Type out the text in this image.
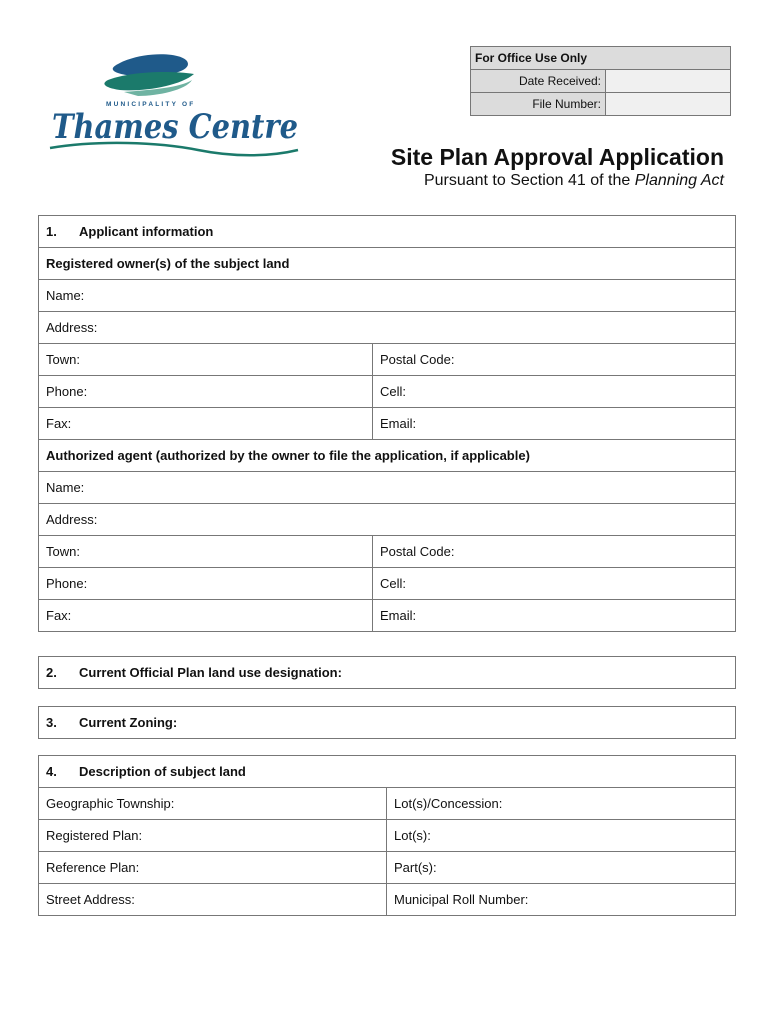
MUNICIPALITY OF
Thames Centre
For Office Use Only	
Date Received:	
File Number:	
Site Plan Approval Application
Pursuant to Section 41 of the Planning Act
1. Applicant information	
Registered owner(s) of the subject land	
Name:	
Address:	
Town:	Postal Code:
Phone:	Cell:
Fax:	Email:
Authorized agent (authorized by the owner to file the application, if applicable)	
Name:	
Address:	
Town:	Postal Code:
Phone:	Cell:
Fax:	Email:
2. Current Official Plan land use designation:
3. Current Zoning:
4. Description of subject land	
Geographic Township:	Lot(s)/Concession:
Registered Plan:	Lot(s):
Reference Plan:	Part(s):
Street Address:	Municipal Roll Number:
